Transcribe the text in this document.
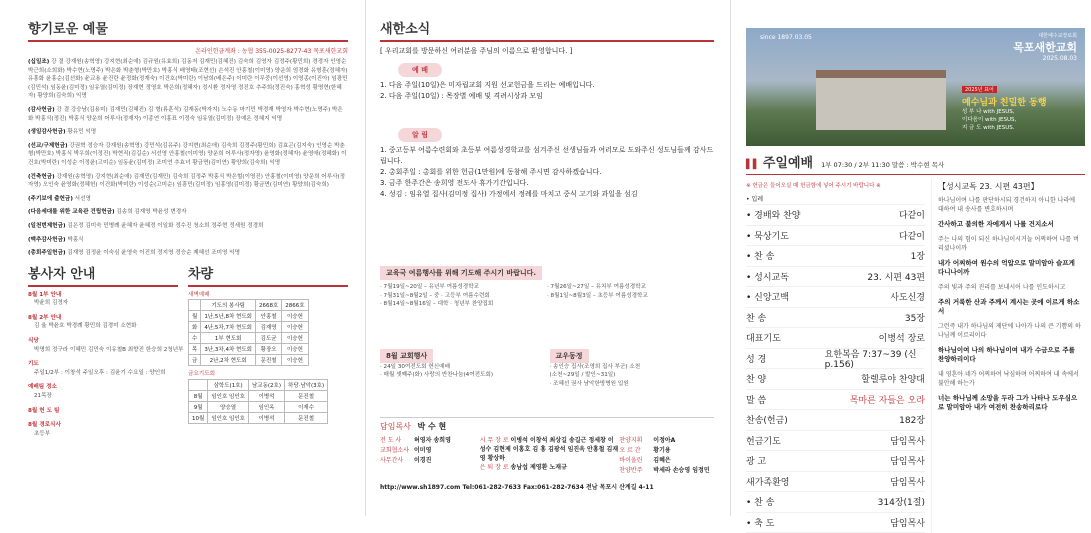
향기로운 예물
온라인헌금계좌 : 농협 355-0025-8277-43 목포새한교회
(십일조) 강 결 강재원(송혁영) 강지현(최순애) 김규원(유효희) 김동저 김재민(김혜진) 김숙희 김영자 김정주(황민희) 경경자 인영순 박근희(소희화) 박수현(노명주) 박은화 박춘형(박만호) 박홍식 배영태(조현선) 손석진 안홍철(이미영) 양운희 엄경화 유형훈(정혜자) 유흥화 윤홍순(김선화) 윤교용 윤진란 윤정화(정재숙) 이건호(박미란) 이남희(배은주) 이미란 이무중(이선영) 이영종(이진아) 임광민(김민석) 임동윤(김미정) 임유열(김미정) 장재현 정영호 박은희(정혜자) 정시환 정자영 정진호 추주희(정진숙) 홍혁성 황명현(한혜자) 황양희(김숙희) 익명
(감사헌금) 강 결 강승남(김용미) 김재민(김혜진) 김 형(류훈석) 김재동(박자지) 노수동 마기민 박경재 박영자 박수현(노명주) 박은화 박홍식(정진) 박홍식 양운희 어루사(정재자) 이종연 이홍표 이정숙 임유열(김미정) 장예온 정혜지 익명
(생일감사헌금) 황유민 익명
(선교/구제헌금) 강권혁 정승자 강재원(송혁영) 강민석(김유주) 강지현(최순애) 김숙희 김정주(황민희) 김효곤(김지숙) 인영순 박춘형(박만호) 박홍식 박우희(이정진) 박현직(김길순) 서선영 안홍철(이미영) 양운희 어루사(정자영) 윤영화(정혜자) 윤영애(정혜화) 이건호(박미란) 이성순 이정윤(고미순) 임동윤(김미정) 조미연 추효녀 황금면(김미연) 황양희(김숙희) 익명
(건축헌금) 강재원(송혁영) 강지현(최순애) 김재민(김재민) 김숙희 김정주 박홍식 박은헐(이영진) 안홍철(이미영) 양운희 어루사(정자영) 오인숙 윤영화(정혜헌) 이건화(박미란) 이성순(고미순) 임흥민(김미정) 임홍영(김미정) 황금면(김미연) 황양희(김숙희)
(주기보에 출헌금) 서선영
(다음세대를 위한 교육관 건립헌금) 김송희 김재영 박윤성 변경자
(일천번제헌금) 김은정 김미숙 민병례 윤혜자 윤혜정 이일화 정수진 청소희 정주현 정세원 정경희
(맥추감사헌금) 박홍식
(총회주일헌금) 김재영 김정윤 이숙심 윤영숙 이진희 정지영 정승순 제혜선 조미영 익명
봉사자 안내
8월 1부 안내
박윤희 김정자
8월 2부 안내
김 율 박윤호 박경례 황민희 김경미 소현화
식당
박명희 정구라 이혜민 김민숙 이유철B 최향진 한승희 2청년부
기도
주일1/2부 : 이창석 주일오후 : 김윤기 수요일 : 양인희
예배팀 정소
21목장
8월 헌 도 팀
8월 경로식사
초등부
차량
새벽예배
	기도의 봉사팀	2668호	2866호
월	1난,5난,8차 현도회	안홍철	이승헌
화	4난,5차,7차 현도회	김재영	이승헌
수	1부 현도회	김도균	이승헌
목	3난,3차,4차 현도회	황장오	이승헌
금	2난,2차 현도회	문진철	이승헌
금요기도회
	삼학도(1호)	남교동(2호)	하당·남악(3호)
8월	임인호 임인호	이병석	문진철
9월	양승열	임인옥	이재수
10월	임인호 임인호	이병석	문진철
새한소식
[ 우리교회를 방문하신 여러분을 주님의 이름으로 환영합니다. ]
예 배
1. 다음 주일(10일)은 미자립교회 지원 선교헌금을 드리는 예배입니다.
2. 다음 주일(10일) : 목장별 예배 및 격려시상과 모임
알 림
1. 중고등부 여름수련회와 초등부 여름성경학교를 섬겨주신 선생님들과 여러모로 도와주신 성도님들께 감사드립니다.
2. 총회주일 : 총회를 위한 헌금(1만원)에 동참해 주시면 감사하겠습니다.
3. 금주 한주간은 송희영 전도사 휴가기간입니다.
4. 성김 : 임유열 집사(김미정 집사) 가정에서 정례를 마치고 중식 고기와 과일을 섬김
교육국 여름행사를 위해 기도해 주시기 바랍니다.
· 7월19일~20일 – 유년부 여름성경학교
· 7월31일~8월2일 – 중 · 고등부 여름수련회
· 8월14일~8월16일 – 대학 · 청년부 찬양집회
· 7월26일~27일 – 유치부 여름성경학교
· 8월1일~8월3일 – 초등부 여름성경학교
8월 교회행사
· 24일 30여전도회 헌신예배
· 매월 셋째주(화) 사랑의 반찬나눔(4여전도회)
교우동정
· 송인승 집사(조영희 집사 부군) 소천
(소천~29일 / 발인~31일)
· 조혜선 권사 남악한방병원 입원
담임목사 박 수 현
전 도 사 허영자 송희영
교회협소사 이미영
사무간사 이경진
시 무 장 로 이병석 이창석 최상길 송길근 정세창 이성수 김현제 이홍호 김 홍 김광석 임진옥 안홍철 김재영 황상하
은 퇴 장 로 송남섭 제영환 노재규
찬양지휘 이정아A
오 르 간 황기용
바이올린 김혜은
찬양반주 박세라 손승영 임정민
http://www.sh1897.com Tel:061-282-7633 Fax:061-282-7634 전남 목포시 산계길 4-11
since 1897.03.05	대한예수교장로회
목포새한교회
2025.08.03
2025년 표어
예수님과 친밀한 동행
성 부 나 with JESUS,
이다음이 with JESUS,
지 금 도 with JESUS.
▌▌ 주일예배 1부 07:30 / 2부 11:30 말씀 : 박수현 목사
※ 헌금은 들어오실 때 헌금함에 넣어 주시기 바랍니다 ※
• 입례
• 경배와 찬양	다같이
• 묵상기도	다같이
• 찬 송	1장
• 성시교독	23. 시편 43편
• 신앙고백	사도신경
찬 송	35장
대표기도	이병석 장로
성 경	요한복음 7:37~39 (신p.156)
찬 양	할렐루야 찬양대
말 씀	목마른 자들은 오라
찬송(헌금)	182장
헌금기도	담임목사
광 고	담임목사
새가족환영	담임목사
• 찬 송	314장(1절)
• 축 도	담임목사
【성시교독 23. 시편 43편】
하나님이여 나를 판단하시되 경건하지 아니한 나라에 대하여 내 송사를 변호하시며
간사하고 불의한 자에게서 나를 건지소서
주는 나의 힘이 되신 하나님이시거늘 어찌하여 나를 버리셨나이까
내가 어찌하여 원수의 억압으로 말미암아 슬프게 다니나이까
주의 빛과 주의 진리를 보내시어 나를 인도하시고
주의 거룩한 산과 주께서 계시는 곳에 이르게 하소서
그런즉 내가 하나님의 제단에 나아가 나의 큰 기쁨의 하나님께 이르리이다
하나님이여 나의 하나님이여 내가 수금으로 주를 찬양하리이다
내 영혼아 네가 어찌하여 낙심하며 어찌하여 내 속에서 불안해 하는가
너는 하나님께 소망을 두라 그가 나타나 도우심으로 말미암아 내가 여전히 찬송하리로다
